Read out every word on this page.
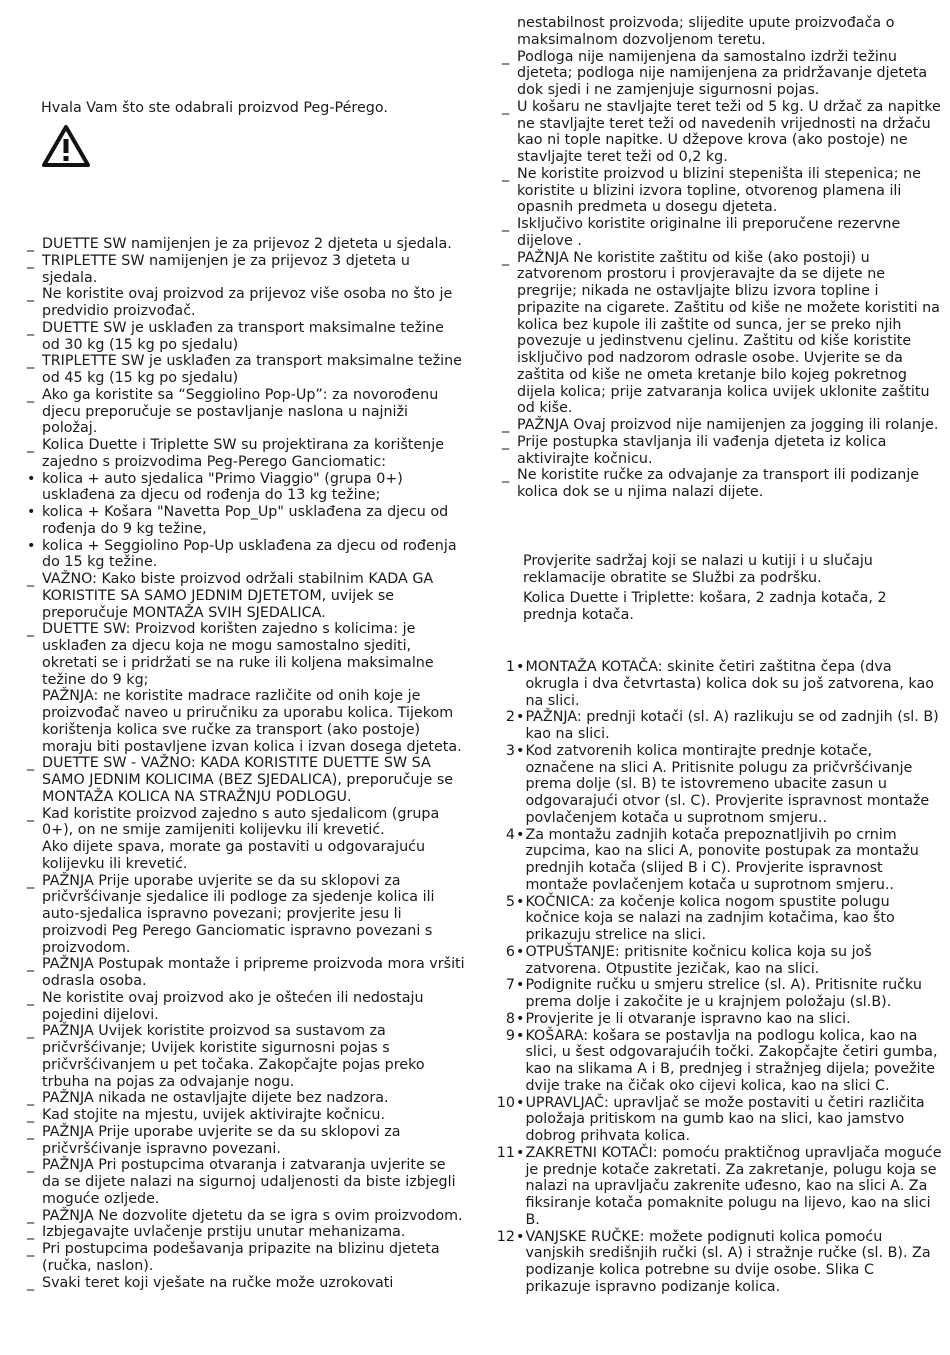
Hvala Vam što ste odabrali proizvod Peg-Pérego.
_ DUETTE SW namijenjen je za prijevoz 2 djeteta u sjedala.
_ TRIPLETTE SW namijenjen je za prijevoz 3 djeteta u sjedala.
_ Ne koristite ovaj proizvod za prijevoz više osoba no što je predvidio proizvođač.
_ DUETTE SW je usklađen za transport maksimalne težine od 30 kg (15 kg po sjedalu)
_ TRIPLETTE SW je usklađen za transport maksimalne težine od 45 kg (15 kg po sjedalu)
_ Ako ga koristite sa “Seggiolino Pop-Up”: za novorođenu djecu preporučuje se postavljanje naslona u najniži položaj.
_ Kolica Duette i Triplette SW su projektirana za korištenje zajedno s proizvodima Peg-Perego Ganciomatic:
• kolica + auto sjedalica "Primo Viaggio" (grupa 0+) usklađena za djecu od rođenja do 13 kg težine;
• kolica + Košara "Navetta Pop_Up" usklađena za djecu od rođenja do 9 kg težine,
• kolica + Seggiolino Pop-Up usklađena za djecu od rođenja do 15 kg težine.
_ VAŽNO: Kako biste proizvod održali stabilnim KADA GA KORISTITE SA SAMO JEDNIM DJETETOM, uvijek se preporučuje MONTAŽA SVIH SJEDALICA.
_ DUETTE SW: Proizvod korišten zajedno s kolicima: je usklađen za djecu koja ne mogu samostalno sjediti, okretati se i pridržati se na ruke ili koljena maksimalne težine do 9 kg;
PAŽNJA: ne koristite madrace različite od onih koje je proizvođač naveo u priručniku za uporabu kolica. Tijekom korištenja kolica sve ručke za transport (ako postoje) moraju biti postavljene izvan kolica i izvan dosega djeteta.
_ DUETTE SW - VAŽNO: KADA KORISTITE DUETTE SW SA SAMO JEDNIM KOLICIMA (BEZ SJEDALICA), preporučuje se MONTAŽA KOLICA NA STRAŽNJU PODLOGU.
_ Kad koristite proizvod zajedno s auto sjedalicom (grupa 0+), on ne smije zamijeniti kolijevku ili krevetić.
Ako dijete spava, morate ga postaviti u odgovarajuću kolijevku ili krevetić.
_ PAŽNJA Prije uporabe uvjerite se da su sklopovi za pričvršćivanje sjedalice ili podloge za sjedenje kolica ili auto-sjedalica ispravno povezani; provjerite jesu li proizvodi Peg Perego Ganciomatic ispravno povezani s proizvodom.
_ PAŽNJA Postupak montaže i pripreme proizvoda mora vršiti odrasla osoba.
_ Ne koristite ovaj proizvod ako je oštećen ili nedostaju pojedini dijelovi.
_ PAŽNJA Uvijek koristite proizvod sa sustavom za pričvršćivanje; Uvijek koristite sigurnosni pojas s pričvršćivanjem u pet točaka. Zakopčajte pojas preko trbuha na pojas za odvajanje nogu.
_ PAŽNJA nikada ne ostavljajte dijete bez nadzora.
_ Kad stojite na mjestu, uvijek aktivirajte kočnicu.
_ PAŽNJA Prije uporabe uvjerite se da su sklopovi za pričvršćivanje ispravno povezani.
_ PAŽNJA Pri postupcima otvaranja i zatvaranja uvjerite se da se dijete nalazi na sigurnoj udaljenosti da biste izbjegli moguće ozljede.
_ PAŽNJA Ne dozvolite djetetu da se igra s ovim proizvodom.
_ Izbjegavajte uvlačenje prstiju unutar mehanizama.
_ Pri postupcima podešavanja pripazite na blizinu djeteta (ručka, naslon).
_ Svaki teret koji vješate na ručke može uzrokovati
nestabilnost proizvoda; slijedite upute proizvođača o maksimalnom dozvoljenom teretu.
_ Podloga nije namijenjena da samostalno izdrži težinu djeteta; podloga nije namijenjena za pridržavanje djeteta dok sjedi i ne zamjenjuje sigurnosni pojas.
_ U košaru ne stavljajte teret teži od 5 kg. U držač za napitke ne stavljajte teret teži od navedenih vrijednosti na držaču kao ni tople napitke. U džepove krova (ako postoje) ne stavljajte teret teži od 0,2 kg.
_ Ne koristite proizvod u blizini stepeništa ili stepenica; ne koristite u blizini izvora topline, otvorenog plamena ili opasnih predmeta u dosegu djeteta.
_ Isključivo koristite originalne ili preporučene rezervne dijelove .
_ PAŽNJA Ne koristite zaštitu od kiše (ako postoji) u zatvorenom prostoru i provjeravajte da se dijete ne pregrije; nikada ne ostavljajte blizu izvora topline i pripazite na cigarete. Zaštitu od kiše ne možete koristiti na kolica bez kupole ili zaštite od sunca, jer se preko njih povezuje u jedinstvenu cjelinu. Zaštitu od kiše koristite isključivo pod nadzorom odrasle osobe. Uvjerite se da zaštita od kiše ne ometa kretanje bilo kojeg pokretnog dijela kolica; prije zatvaranja kolica uvijek uklonite zaštitu od kiše.
_ PAŽNJA Ovaj proizvod nije namijenjen za jogging ili rolanje.
_ Prije postupka stavljanja ili vađenja djeteta iz kolica aktivirajte kočnicu.
_ Ne koristite ručke za odvajanje za transport ili podizanje kolica dok se u njima nalazi dijete.
Provjerite sadržaj koji se nalazi u kutiji i u slučaju reklamacije obratite se Službi za podršku.
Kolica Duette i Triplette: košara, 2 zadnja kotača, 2 prednja kotača.
1 • MONTAŽA KOTAČA: skinite četiri zaštitna čepa (dva okrugla i dva četvrtasta) kolica dok su još zatvorena, kao na slici.
2 • PAŽNJA: prednji kotači (sl. A) razlikuju se od zadnjih (sl. B) kao na slici.
3 • Kod zatvorenih kolica montirajte prednje kotače, označene na slici A. Pritisnite polugu za pričvršćivanje prema dolje (sl. B) te istovremeno ubacite zasun u odgovarajući otvor (sl. C). Provjerite ispravnost montaže povlačenjem kotača u suprotnom smjeru..
4 • Za montažu zadnjih kotača prepoznatljivih po crnim zupcima, kao na slici A, ponovite postupak za montažu prednjih kotača (slijed B i C). Provjerite ispravnost montaže povlačenjem kotača u suprotnom smjeru..
5 • KOČNICA: za kočenje kolica nogom spustite polugu kočnice koja se nalazi na zadnjim kotačima, kao što prikazuju strelice na slici.
6 • OTPUŠTANJE: pritisnite kočnicu kolica koja su još zatvorena. Otpustite jezičak, kao na slici.
7 • Podignite ručku u smjeru strelice (sl. A). Pritisnite ručku prema dolje i zakočite je u krajnjem položaju (sl.B).
8 • Provjerite je li otvaranje ispravno kao na slici.
9 • KOŠARA: košara se postavlja na podlogu kolica, kao na slici, u šest odgovarajućih točki. Zakopčajte četiri gumba, kao na slikama A i B, prednjeg i stražnjeg dijela; povežite dvije trake na čičak oko cijevi kolica, kao na slici C.
10 • UPRAVLJAČ: upravljač se može postaviti u četiri različita položaja pritiskom na gumb kao na slici, kao jamstvo dobrog prihvata kolica.
11 • ZAKRETNI KOTAČI: pomoću praktičnog upravljača moguće je prednje kotače zakretati. Za zakretanje, polugu koja se nalazi na upravljaču zakrenite uđesno, kao na slici A. Za fiksiranje kotača pomaknite polugu na lijevo, kao na slici B.
12 • VANJSKE RUČKE: možete podignuti kolica pomoću vanjskih središnjih ručki (sl. A) i stražnje ručke (sl. B). Za podizanje kolica potrebne su dvije osobe. Slika C prikazuje ispravno podizanje kolica.
